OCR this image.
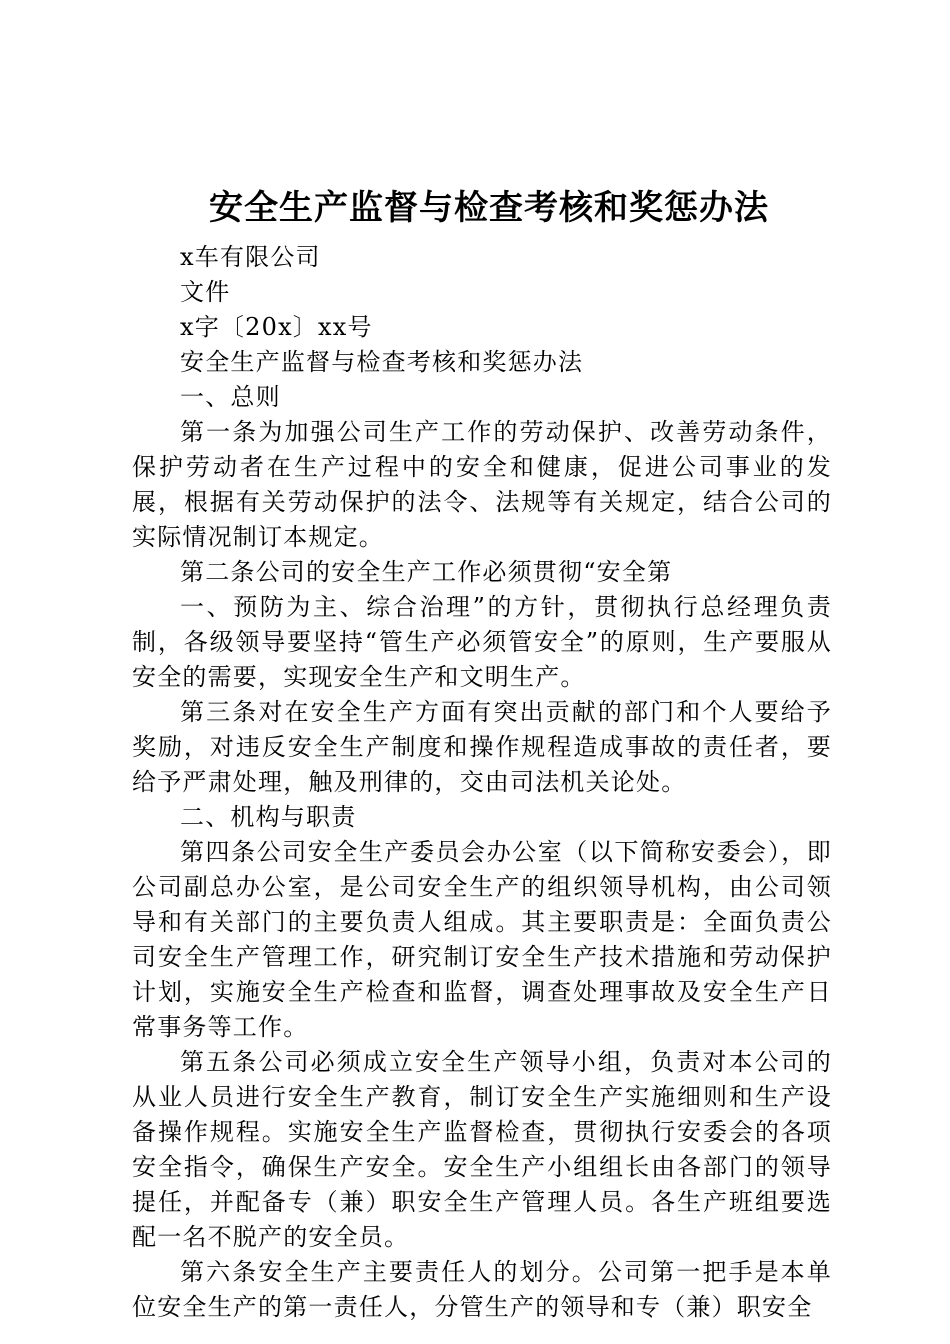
安全生产监督与检查考核和奖惩办法

x车有限公司

文件

x字〔20x〕xx号

安全生产监督与检查考核和奖惩办法

一、总则

第一条为加强公司生产工作的劳动保护、改善劳动条件，保护劳动者在生产过程中的安全和健康，促进公司事业的发展，根据有关劳动保护的法令、法规等有关规定，结合公司的实际情况制订本规定。

第二条公司的安全生产工作必须贯彻“安全第

一、预防为主、综合治理”的方针，贯彻执行总经理负责制，各级领导要坚持“管生产必须管安全”的原则，生产要服从安全的需要，实现安全生产和文明生产。

第三条对在安全生产方面有突出贡献的部门和个人要给予奖励，对违反安全生产制度和操作规程造成事故的责任者，要给予严肃处理，触及刑律的，交由司法机关论处。

二、机构与职责

第四条公司安全生产委员会办公室（以下简称安委会），即公司副总办公室，是公司安全生产的组织领导机构，由公司领导和有关部门的主要负责人组成。其主要职责是：全面负责公司安全生产管理工作，研究制订安全生产技术措施和劳动保护计划，实施安全生产检查和监督，调查处理事故及安全生产日常事务等工作。

第五条公司必须成立安全生产领导小组，负责对本公司的从业人员进行安全生产教育，制订安全生产实施细则和生产设备操作规程。实施安全生产监督检查，贯彻执行安委会的各项安全指令，确保生产安全。安全生产小组组长由各部门的领导提任，并配备专（兼）职安全生产管理人员。各生产班组要选配一名不脱产的安全员。

第六条安全生产主要责任人的划分。公司第一把手是本单位安全生产的第一责任人，分管生产的领导和专（兼）职安全
